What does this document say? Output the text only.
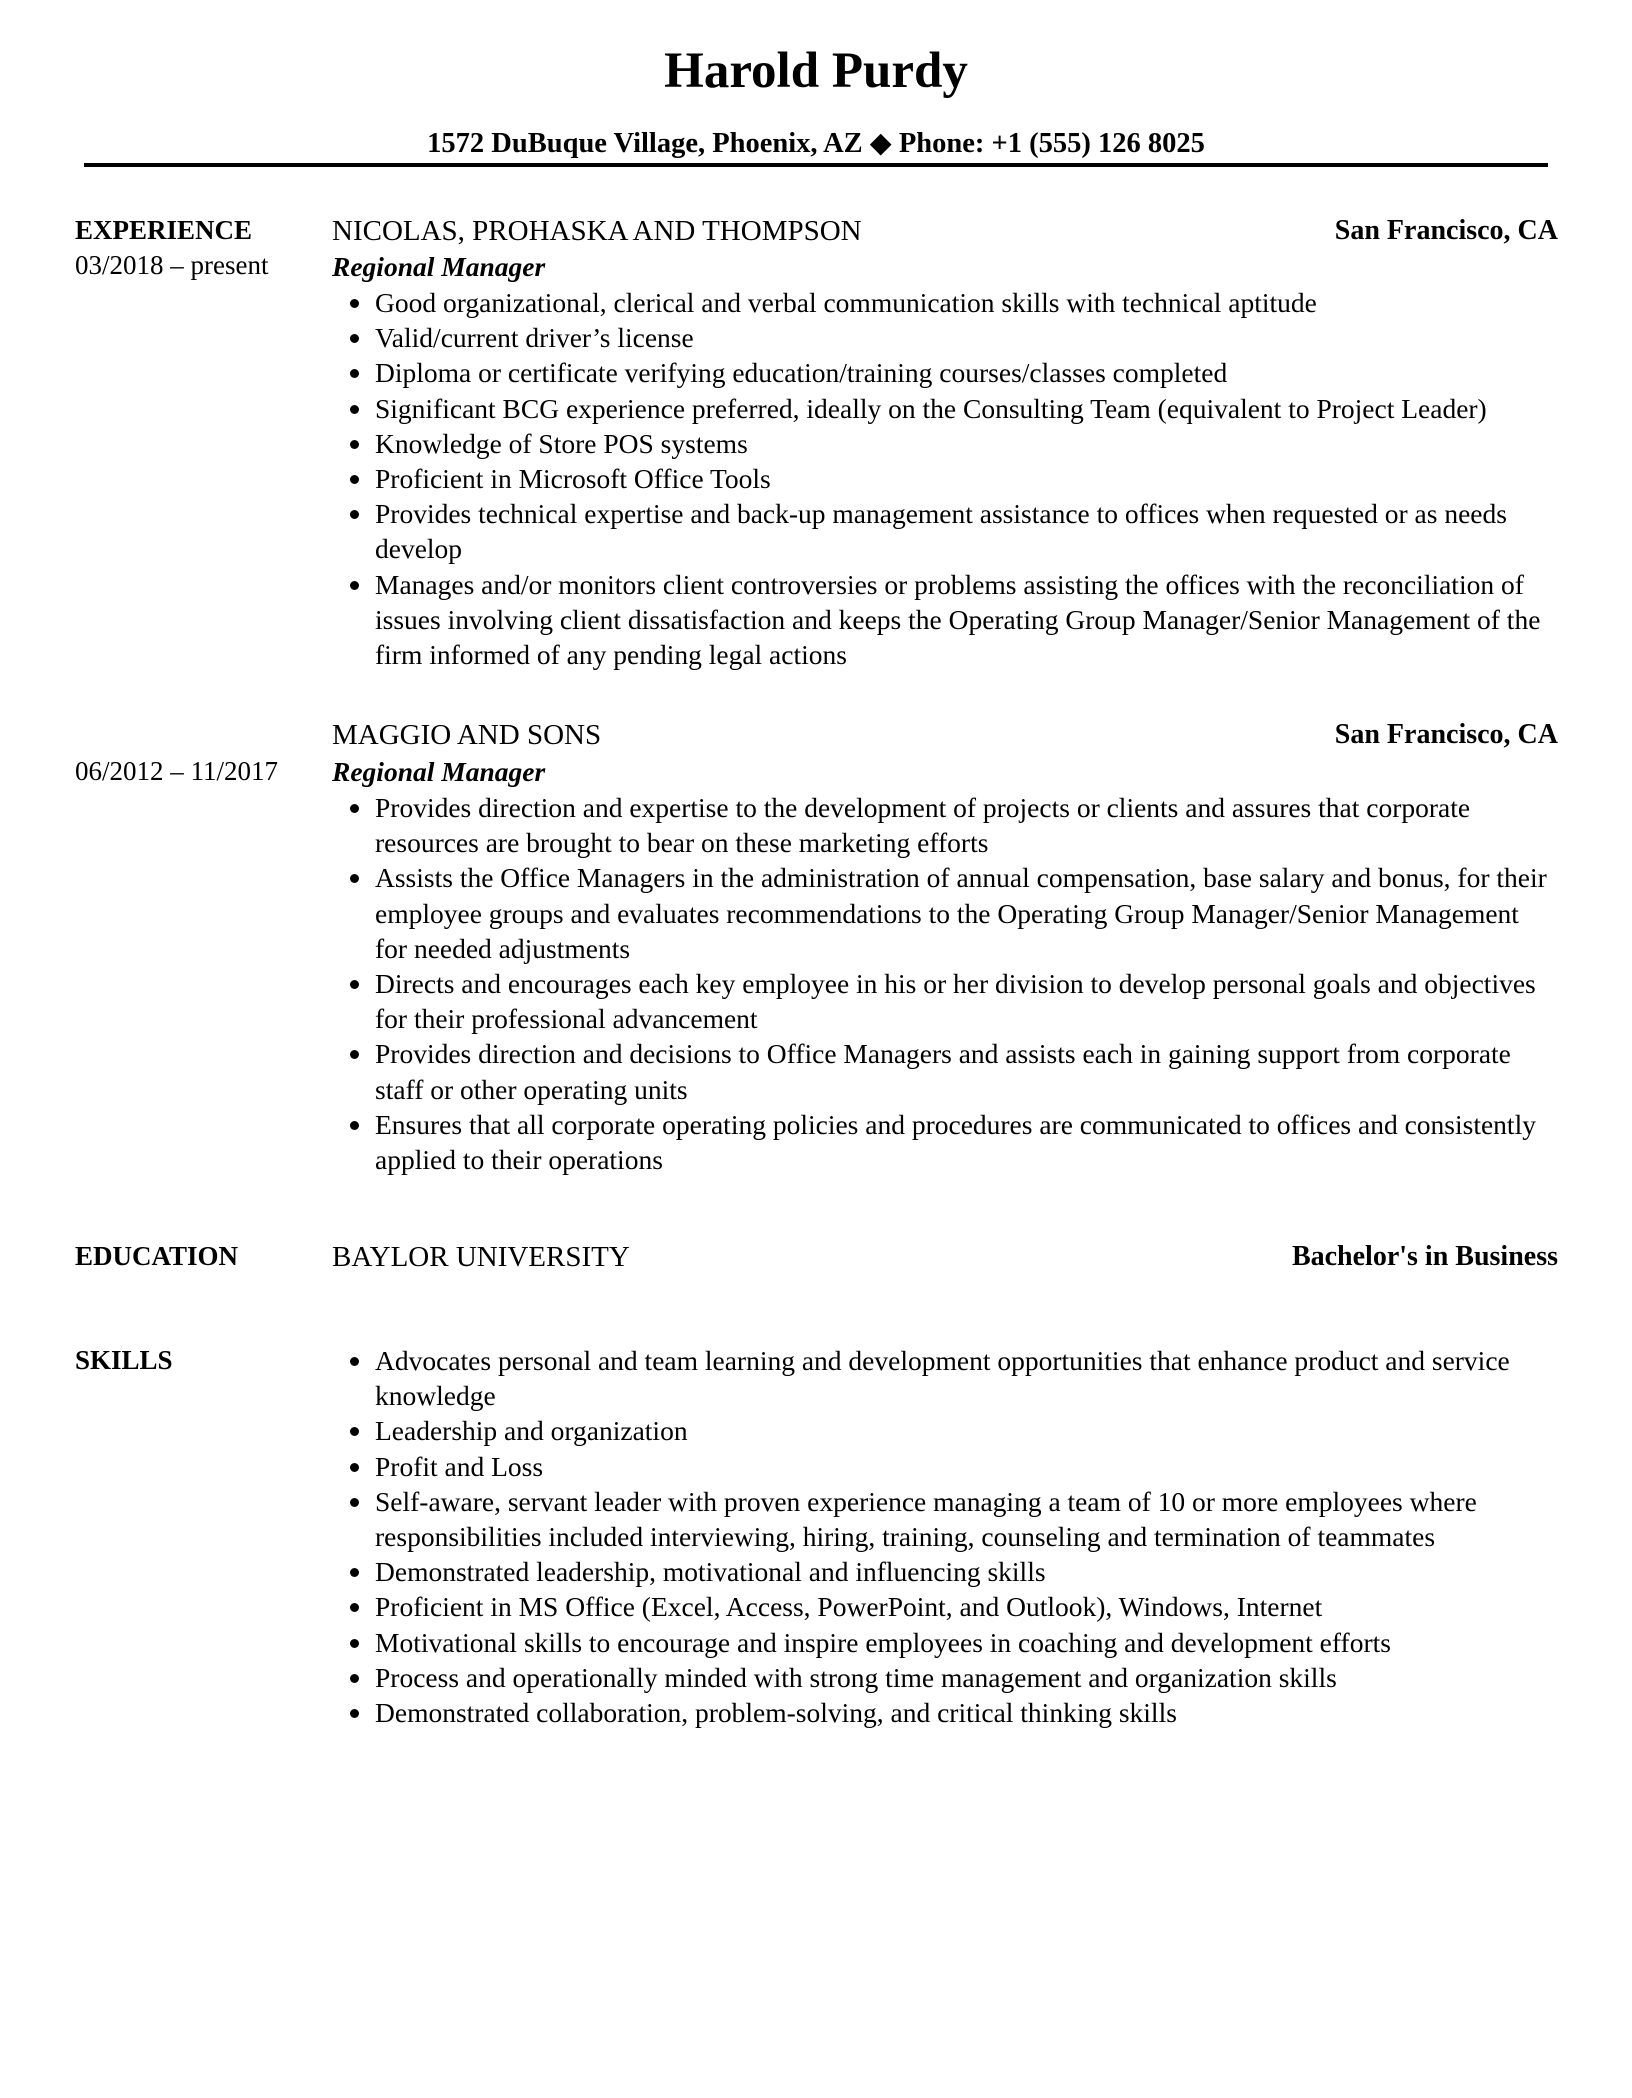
Harold Purdy
1572 DuBuque Village, Phoenix, AZ ◆ Phone: +1 (555) 126 8025
EXPERIENCE
03/2018 – present
NICOLAS, PROHASKA AND THOMPSON	San Francisco, CA
Regional Manager
Good organizational, clerical and verbal communication skills with technical aptitude
Valid/current driver’s license
Diploma or certificate verifying education/training courses/classes completed
Significant BCG experience preferred, ideally on the Consulting Team (equivalent to Project Leader)
Knowledge of Store POS systems
Proficient in Microsoft Office Tools
Provides technical expertise and back-up management assistance to offices when requested or as needs develop
Manages and/or monitors client controversies or problems assisting the offices with the reconciliation of issues involving client dissatisfaction and keeps the Operating Group Manager/Senior Management of the firm informed of any pending legal actions
MAGGIO AND SONS	San Francisco, CA
06/2012 – 11/2017 Regional Manager
Provides direction and expertise to the development of projects or clients and assures that corporate resources are brought to bear on these marketing efforts
Assists the Office Managers in the administration of annual compensation, base salary and bonus, for their employee groups and evaluates recommendations to the Operating Group Manager/Senior Management for needed adjustments
Directs and encourages each key employee in his or her division to develop personal goals and objectives for their professional advancement
Provides direction and decisions to Office Managers and assists each in gaining support from corporate staff or other operating units
Ensures that all corporate operating policies and procedures are communicated to offices and consistently applied to their operations
EDUCATION	BAYLOR UNIVERSITY	Bachelor's in Business
SKILLS	Advocates personal and team learning and development opportunities that enhance product and service knowledge
Leadership and organization
Profit and Loss
Self-aware, servant leader with proven experience managing a team of 10 or more employees where responsibilities included interviewing, hiring, training, counseling and termination of teammates
Demonstrated leadership, motivational and influencing skills
Proficient in MS Office (Excel, Access, PowerPoint, and Outlook), Windows, Internet
Motivational skills to encourage and inspire employees in coaching and development efforts
Process and operationally minded with strong time management and organization skills
Demonstrated collaboration, problem-solving, and critical thinking skills
